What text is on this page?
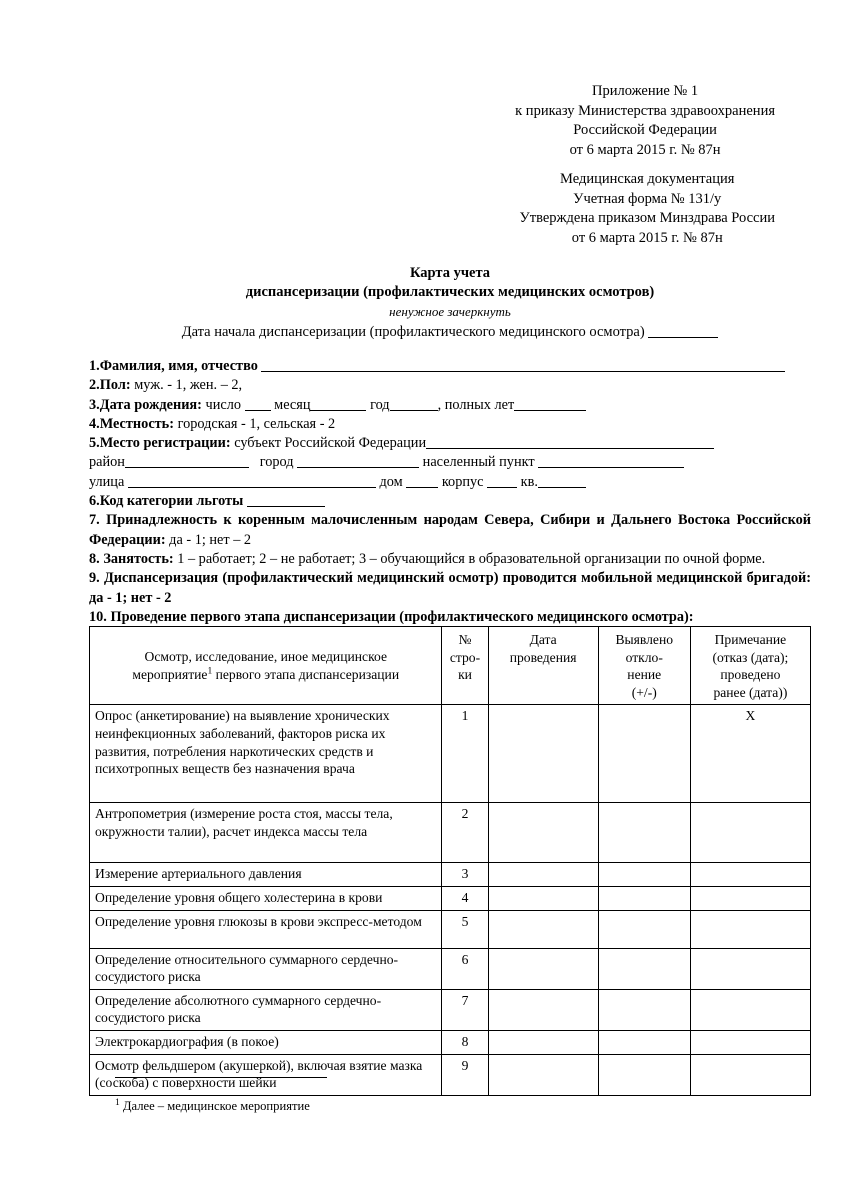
Приложение № 1
к приказу Министерства здравоохранения
Российской Федерации
от 6 марта 2015 г. № 87н
Медицинская документация
Учетная форма № 131/у
Утверждена приказом Минздрава России
от 6 марта 2015 г. № 87н
Карта учета
диспансеризации (профилактических медицинских осмотров)
ненужное зачеркнуть
Дата начала диспансеризации (профилактического медицинского осмотра)
1.Фамилия, имя, отчество
2.Пол: муж. - 1, жен. – 2,
3.Дата рождения: число месяц	год	, полных лет
4.Местность: городская - 1, сельская - 2
5.Место регистрации: субъект Российской Федерации
район	город	населенный пункт
улица	дом	корпус	кв.
6.Код категории льготы
7. Принадлежность к коренным малочисленным народам Севера, Сибири и Дальнего Востока Российской Федерации: да - 1; нет – 2
8. Занятость: 1 – работает; 2 – не работает; 3 – обучающийся в образовательной организации по очной форме.
9. Диспансеризация (профилактический медицинский осмотр) проводится мобильной медицинской бригадой: да - 1; нет - 2
10. Проведение первого этапа диспансеризации (профилактического медицинского осмотра):
Осмотр, исследование, иное медицинское
мероприятие$^1$ первого этапа диспансеризации

№
стро-
ки

Дата
проведения

Выявлено
откло-
нение
(+/-)

Примечание
(отказ (дата);
проведено
ранее (дата))

Опрос (анкетирование) на выявление хронических неинфекционных заболеваний, факторов риска их развития, потребления наркотических средств и психотропных веществ без назначения врача	1			X
Антропометрия (измерение роста стоя, массы тела, окружности талии), расчет индекса массы тела	2			
Измерение артериального давления	3			
Определение уровня общего холестерина в крови	4			
Определение уровня глюкозы в крови экспресс-методом	5			
Определение относительного суммарного сердечно-сосудистого риска	6			
Определение абсолютного суммарного сердечно-сосудистого риска	7			
Электрокардиография (в покое)	8			
Осмотр фельдшером (акушеркой), включая взятие мазка (соскоба) с поверхности шейки	9			
$^1$ Далее – медицинское мероприятие
